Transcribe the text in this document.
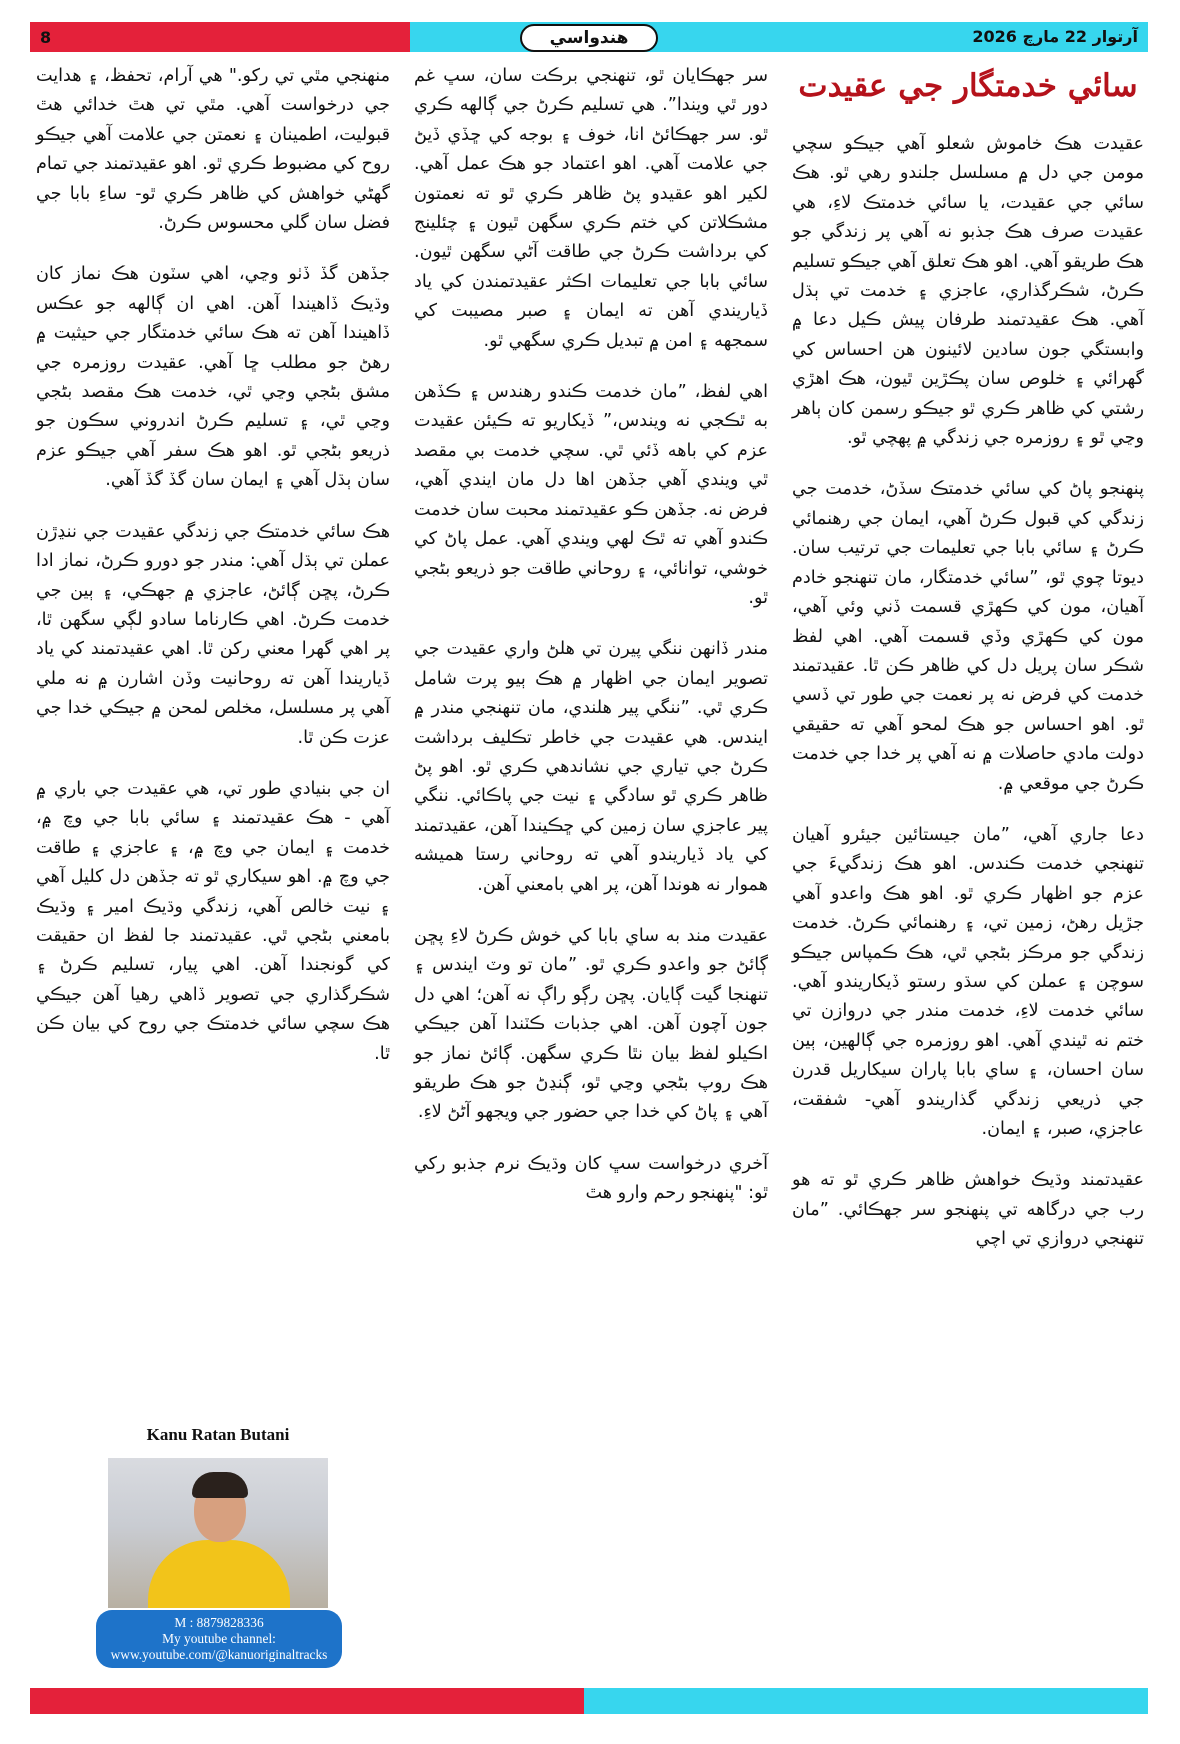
8	هندواسي	آرتوار 22 مارچ 2026
سائي خدمتگار جي عقيدت

عقيدت هڪ خاموش شعلو آهي جيڪو سچي مومن جي دل ۾ مسلسل جلندو رهي ٿو. هڪ سائي جي عقيدت، يا سائي خدمتڪ لاءِ، هي عقيدت صرف هڪ جذبو نه آهي پر زندگي جو هڪ طريقو آهي. اهو هڪ تعلق آهي جيڪو تسليم ڪرڻ، شڪرگذاري، عاجزي ۽ خدمت تي ٻڌل آهي. هڪ عقيدتمند طرفان پيش ڪيل دعا ۾ وابستگي جون سادين لائينون هن احساس کي گهرائي ۽ خلوص سان پڪڙين ٿيون، هڪ اهڙي رشتي کي ظاهر ڪري ٿو جيڪو رسمن کان ٻاهر وڃي ٿو ۽ روزمره جي زندگي ۾ پهچي ٿو.

پنهنجو پاڻ کي سائي خدمتڪ سڏڻ، خدمت جي زندگي کي قبول ڪرڻ آهي، ايمان جي رهنمائي ڪرڻ ۽ سائي بابا جي تعليمات جي ترتيب سان. ديوتا چوي ٿو، ”سائي خدمتگار، مان تنهنجو خادم آهيان، مون کي ڪهڙي قسمت ڏني وئي آهي، مون کي ڪهڙي وڏي قسمت آهي. اهي لفظ شڪر سان پريل دل کي ظاهر ڪن ٿا. عقيدتمند خدمت کي فرض نه پر نعمت جي طور تي ڏسي ٿو. اهو احساس جو هڪ لمحو آهي ته حقيقي دولت مادي حاصلات ۾ نه آهي پر خدا جي خدمت ڪرڻ جي موقعي ۾.

دعا جاري آهي، ”مان جيستائين جيئرو آهيان تنهنجي خدمت ڪندس. اهو هڪ زندگيءَ جي عزم جو اظهار ڪري ٿو. اهو هڪ واعدو آهي جڙيل رهڻ، زمين تي، ۽ رهنمائي ڪرڻ. خدمت زندگي جو مرڪز بڻجي ٿي، هڪ ڪمپاس جيڪو سوچن ۽ عملن کي سڌو رستو ڏيکاريندو آهي. سائي خدمت لاءِ، خدمت مندر جي دروازن تي ختم نه ٿيندي آهي. اهو روزمره جي ڳالهين، ٻين سان احسان، ۽ ساي بابا پاران سيکاريل قدرن جي ذريعي زندگي گذاريندو آهي- شفقت، عاجزي، صبر، ۽ ايمان.

عقيدتمند وڌيڪ خواهش ظاهر ڪري ٿو ته هو رب جي درگاهه تي پنهنجو سر جهڪائي. ”مان تنهنجي دروازي تي اچي

سر جهڪايان ٿو، تنهنجي برڪت سان، سڀ غم دور ٿي ويندا”. هي تسليم ڪرڻ جي ڳالهه ڪري ٿو. سر جهڪائڻ انا، خوف ۽ بوجه کي ڇڏي ڏيڻ جي علامت آهي. اهو اعتماد جو هڪ عمل آهي. لکير اهو عقيدو پڻ ظاهر ڪري ٿو ته نعمتون مشڪلاتن کي ختم ڪري سگهن ٿيون ۽ چئلينج کي برداشت ڪرڻ جي طاقت آڻي سگهن ٿيون. سائي بابا جي تعليمات اڪثر عقيدتمندن کي ياد ڏياريندي آهن ته ايمان ۽ صبر مصيبت کي سمجهه ۽ امن ۾ تبديل ڪري سگهي ٿو.

اهي لفظ، ”مان خدمت ڪندو رهندس ۽ ڪڏهن به ٿڪجي نه ويندس،” ڏيکاريو ته ڪيئن عقيدت عزم کي باهه ڏئي ٿي. سچي خدمت بي مقصد ٿي ويندي آهي جڏهن اها دل مان ايندي آهي، فرض نه. جڏهن ڪو عقيدتمند محبت سان خدمت ڪندو آهي ته ٿڪ لهي ويندي آهي. عمل پاڻ کي خوشي، توانائي، ۽ روحاني طاقت جو ذريعو بڻجي ٿو.

مندر ڏانهن ننگي پيرن تي هلڻ واري عقيدت جي تصوير ايمان جي اظهار ۾ هڪ ٻيو پرت شامل ڪري ٿي. ”ننگي پير هلندي، مان تنهنجي مندر ۾ ايندس. هي عقيدت جي خاطر تڪليف برداشت ڪرڻ جي تياري جي نشاندهي ڪري ٿو. اهو پڻ ظاهر ڪري ٿو سادگي ۽ نيت جي پاڪائي. ننگي پير عاجزي سان زمين کي ڇڪيندا آهن، عقيدتمند کي ياد ڏياريندو آهي ته روحاني رستا هميشه هموار نه هوندا آهن، پر اهي بامعني آهن.

عقيدت مند به ساي بابا کي خوش ڪرڻ لاءِ پڇن ڳائڻ جو واعدو ڪري ٿو. ”مان تو وٽ ايندس ۽ تنهنجا گيت ڳايان. پڇن رڳو راڳ نه آهن؛ اهي دل جون آچون آهن. اهي جذبات ڪٽندا آهن جيڪي اڪيلو لفظ بيان نٿا ڪري سگهن. ڳائڻ نماز جو هڪ روپ بڻجي وڃي ٿو، ڳنڍڻ جو هڪ طريقو آهي ۽ پاڻ کي خدا جي حضور جي ويجهو آڻڻ لاءِ.

آخري درخواست سڀ کان وڌيڪ نرم جذبو رکي ٿو: "پنهنجو رحم وارو هٿ

منهنجي مٿي تي رکو." هي آرام، تحفظ، ۽ هدايت جي درخواست آهي. مٿي تي هٿ خدائي هٿ قبوليت، اطمينان ۽ نعمتن جي علامت آهي جيڪو روح کي مضبوط ڪري ٿو. اهو عقيدتمند جي تمام گهڻي خواهش کي ظاهر ڪري ٿو- ساءِ بابا جي فضل سان گلي محسوس ڪرڻ.

جڏهن گڏ ڏٺو وڃي، اهي سٽون هڪ نماز کان وڌيڪ ڏاهيندا آهن. اهي ان ڳالهه جو عڪس ڏاهيندا آهن ته هڪ سائي خدمتگار جي حيثيت ۾ رهڻ جو مطلب ڇا آهي. عقيدت روزمره جي مشق بڻجي وڃي ٿي، خدمت هڪ مقصد بڻجي وڃي ٿي، ۽ تسليم ڪرڻ اندروني سڪون جو ذريعو بڻجي ٿو. اهو هڪ سفر آهي جيڪو عزم سان ٻڌل آهي ۽ ايمان سان گڏ گڏ آهي.

هڪ سائي خدمتڪ جي زندگي عقيدت جي ننڍڙن عملن تي ٻڌل آهي: مندر جو دورو ڪرڻ، نماز ادا ڪرڻ، پڇن ڳائڻ، عاجزي ۾ جهڪي، ۽ ٻين جي خدمت ڪرڻ. اهي ڪارناما سادو لڳي سگهن ٿا، پر اهي گهرا معني رکن ٿا. اهي عقيدتمند کي ياد ڏياريندا آهن ته روحانيت وڏن اشارن ۾ نه ملي آهي پر مسلسل، مخلص لمحن ۾ جيڪي خدا جي عزت ڪن ٿا.

ان جي بنيادي طور تي، هي عقيدت جي باري ۾ آهي - هڪ عقيدتمند ۽ سائي بابا جي وچ ۾، خدمت ۽ ايمان جي وچ ۾، ۽ عاجزي ۽ طاقت جي وچ ۾. اهو سيکاري ٿو ته جڏهن دل کليل آهي ۽ نيت خالص آهي، زندگي وڌيڪ امير ۽ وڌيڪ بامعني بڻجي ٿي. عقيدتمند جا لفظ ان حقيقت کي گونجندا آهن. اهي پيار، تسليم ڪرڻ ۽ شڪرگذاري جي تصوير ڏاهي رهيا آهن جيڪي هڪ سچي سائي خدمتڪ جي روح کي بيان ڪن ٿا.

Kanu Ratan Butani
M : 8879828336
My youtube channel:
www.youtube.com/@kanuoriginaltracks
